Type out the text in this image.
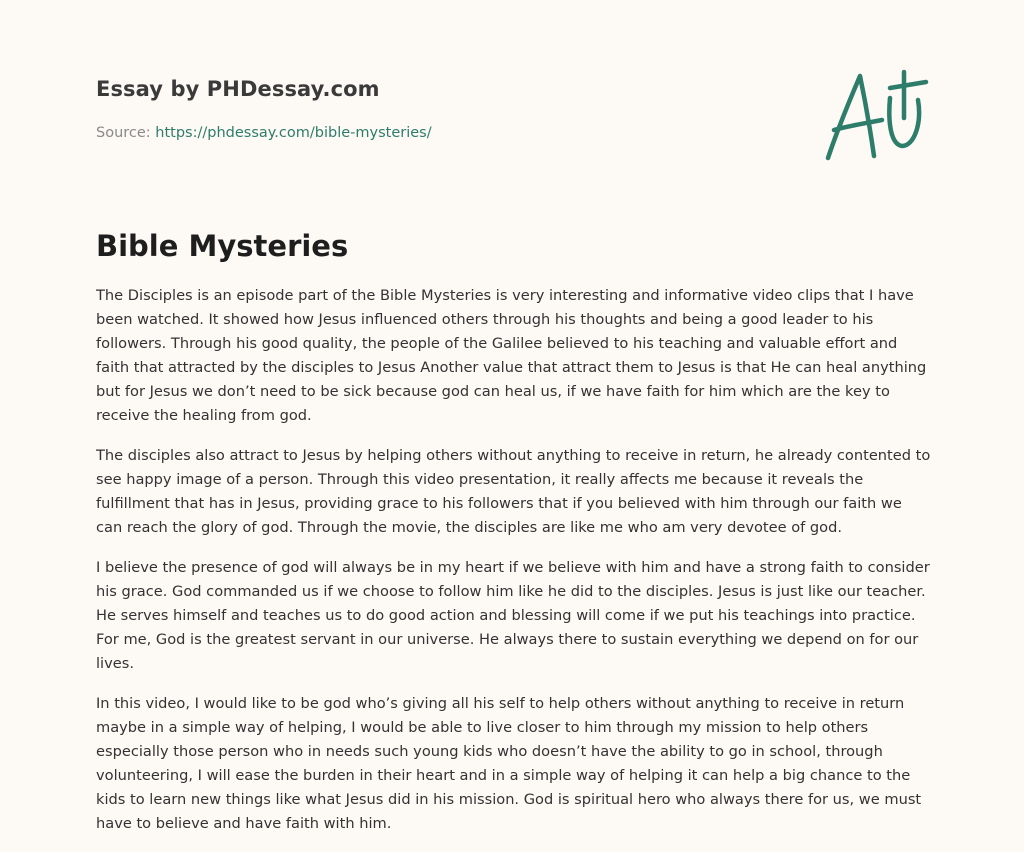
Essay by PHDessay.com
Source: https://phdessay.com/bible-mysteries/
Bible Mysteries

The Disciples is an episode part of the Bible Mysteries is very interesting and informative video clips that I have been watched. It showed how Jesus influenced others through his thoughts and being a good leader to his followers. Through his good quality, the people of the Galilee believed to his teaching and valuable effort and faith that attracted by the disciples to Jesus Another value that attract them to Jesus is that He can heal anything but for Jesus we don’t need to be sick because god can heal us, if we have faith for him which are the key to receive the healing from god.

The disciples also attract to Jesus by helping others without anything to receive in return, he already contented to see happy image of a person. Through this video presentation, it really affects me because it reveals the fulfillment that has in Jesus, providing grace to his followers that if you believed with him through our faith we can reach the glory of god. Through the movie, the disciples are like me who am very devotee of god.

I believe the presence of god will always be in my heart if we believe with him and have a strong faith to consider his grace. God commanded us if we choose to follow him like he did to the disciples. Jesus is just like our teacher. He serves himself and teaches us to do good action and blessing will come if we put his teachings into practice. For me, God is the greatest servant in our universe. He always there to sustain everything we depend on for our lives.

In this video, I would like to be god who’s giving all his self to help others without anything to receive in return maybe in a simple way of helping, I would be able to live closer to him through my mission to help others especially those person who in needs such young kids who doesn’t have the ability to go in school, through volunteering, I will ease the burden in their heart and in a simple way of helping it can help a big chance to the kids to learn new things like what Jesus did in his mission. God is spiritual hero who always there for us, we must have to believe and have faith with him.
